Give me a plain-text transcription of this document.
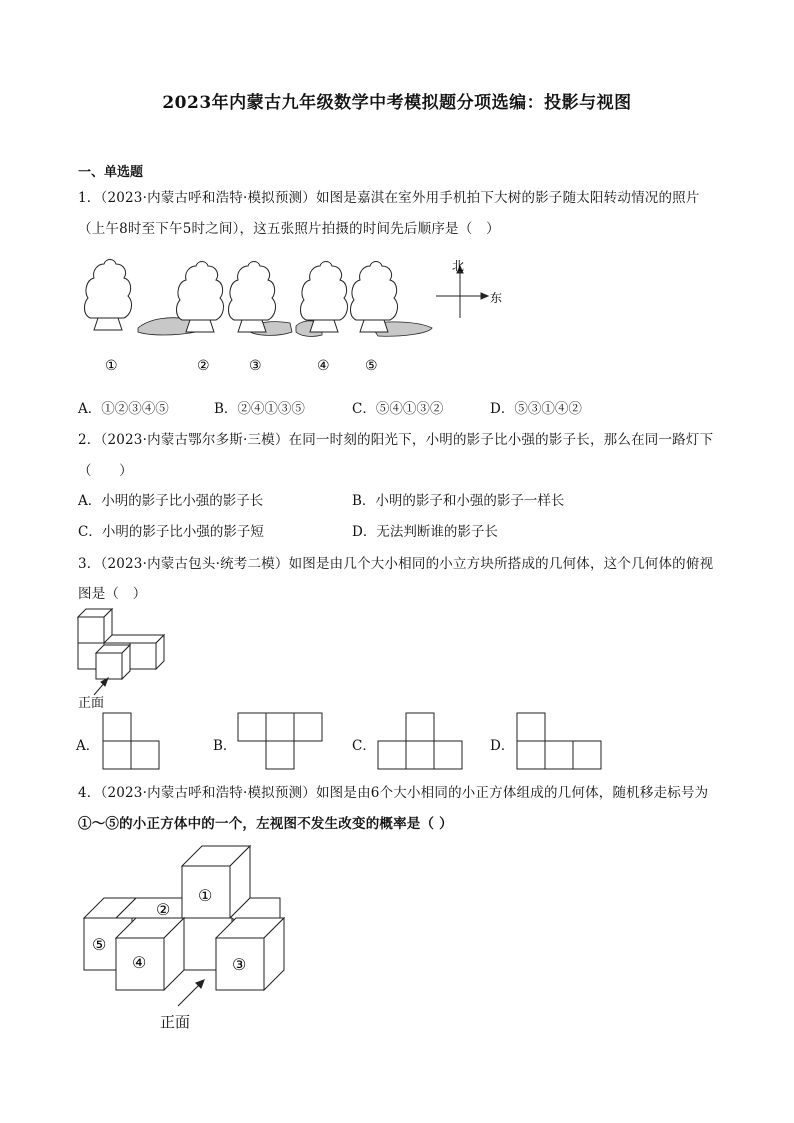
2023年内蒙古九年级数学中考模拟题分项选编：投影与视图
一、单选题
1．（2023·内蒙古呼和浩特·模拟预测）如图是嘉淇在室外用手机拍下大树的影子随太阳转动情况的照片
（上午8时至下午5时之间），这五张照片拍摄的时间先后顺序是（　）
北
东
①	②	③	④	⑤
A．①②③④⑤	B．②④①③⑤	C．⑤④①③②	D．⑤③①④②
2．（2023·内蒙古鄂尔多斯·三模）在同一时刻的阳光下，小明的影子比小强的影子长，那么在同一路灯下
（　　）
A．小明的影子比小强的影子长	B．小明的影子和小强的影子一样长
C．小明的影子比小强的影子短	D．无法判断谁的影子长
3．（2023·内蒙古包头·统考二模）如图是由几个大小相同的小立方块所搭成的几何体，这个几何体的俯视
图是（　）
正面
A．	B．	C．	D．
4．（2023·内蒙古呼和浩特·模拟预测）如图是由6个大小相同的小正方体组成的几何体，随机移走标号为
①～⑤的小正方体中的一个，左视图不发生改变的概率是（ ）
①
②
③
④
⑤
正面
